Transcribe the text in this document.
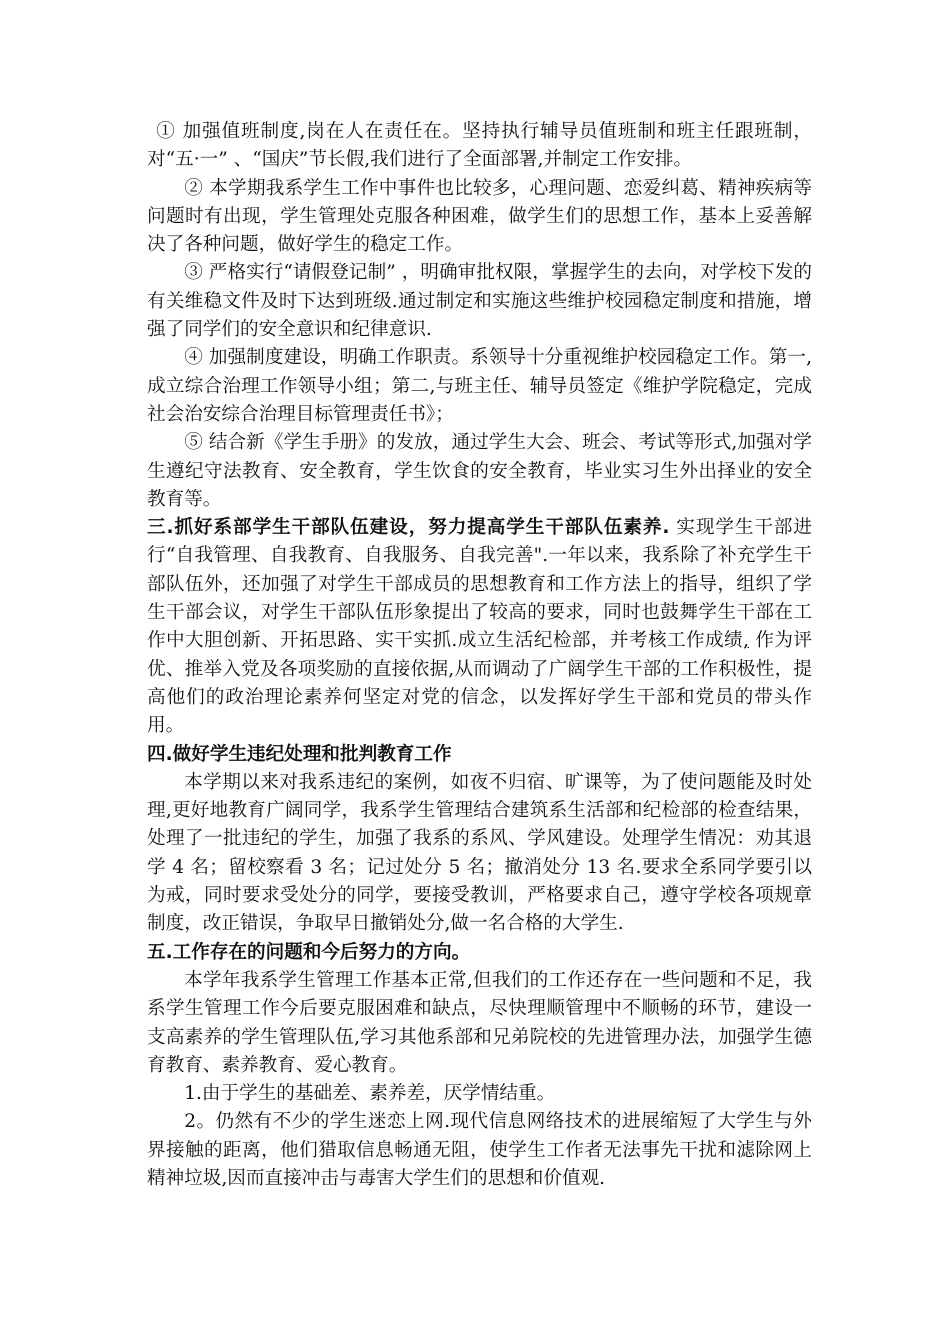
① 加强值班制度,岗在人在责任在。坚持执行辅导员值班制和班主任跟班制，对“五·一” 、“国庆”节长假,我们进行了全面部署,并制定工作安排。

② 本学期我系学生工作中事件也比较多，心理问题、恋爱纠葛、精神疾病等问题时有出现，学生管理处克服各种困难，做学生们的思想工作，基本上妥善解决了各种问题，做好学生的稳定工作。

③ 严格实行“请假登记制” ，明确审批权限，掌握学生的去向，对学校下发的有关维稳文件及时下达到班级.通过制定和实施这些维护校园稳定制度和措施，增强了同学们的安全意识和纪律意识.

④ 加强制度建设，明确工作职责。系领导十分重视维护校园稳定工作。第一,成立综合治理工作领导小组；第二,与班主任、辅导员签定《维护学院稳定，完成社会治安综合治理目标管理责任书》；

⑤ 结合新《学生手册》的发放，通过学生大会、班会、考试等形式,加强对学生遵纪守法教育、安全教育，学生饮食的安全教育，毕业实习生外出择业的安全教育等。

三.抓好系部学生干部队伍建设，努力提高学生干部队伍素养. 实现学生干部进行“自我管理、自我教育、自我服务、自我完善".一年以来，我系除了补充学生干部队伍外，还加强了对学生干部成员的思想教育和工作方法上的指导，组织了学生干部会议，对学生干部队伍形象提出了较高的要求，同时也鼓舞学生干部在工作中大胆创新、开拓思路、实干实抓.成立生活纪检部，并考核工作成绩, 作为评优、推举入党及各项奖励的直接依据,从而调动了广阔学生干部的工作积极性，提高他们的政治理论素养何坚定对党的信念，以发挥好学生干部和党员的带头作用。

四.做好学生违纪处理和批判教育工作

本学期以来对我系违纪的案例，如夜不归宿、旷课等，为了使问题能及时处理,更好地教育广阔同学，我系学生管理结合建筑系生活部和纪检部的检查结果，处理了一批违纪的学生，加强了我系的系风、学风建设。处理学生情况：劝其退学 4 名；留校察看 3 名；记过处分 5 名；撤消处分 13 名.要求全系同学要引以为戒，同时要求受处分的同学，要接受教训，严格要求自己，遵守学校各项规章制度，改正错误，争取早日撤销处分,做一名合格的大学生.

五.工作存在的问题和今后努力的方向。

本学年我系学生管理工作基本正常,但我们的工作还存在一些问题和不足，我系学生管理工作今后要克服困难和缺点，尽快理顺管理中不顺畅的环节，建设一支高素养的学生管理队伍,学习其他系部和兄弟院校的先进管理办法，加强学生德育教育、素养教育、爱心教育。

1.由于学生的基础差、素养差，厌学情结重。

2。仍然有不少的学生迷恋上网.现代信息网络技术的进展缩短了大学生与外界接触的距离，他们猎取信息畅通无阻，使学生工作者无法事先干扰和滤除网上精神垃圾,因而直接冲击与毒害大学生们的思想和价值观.
